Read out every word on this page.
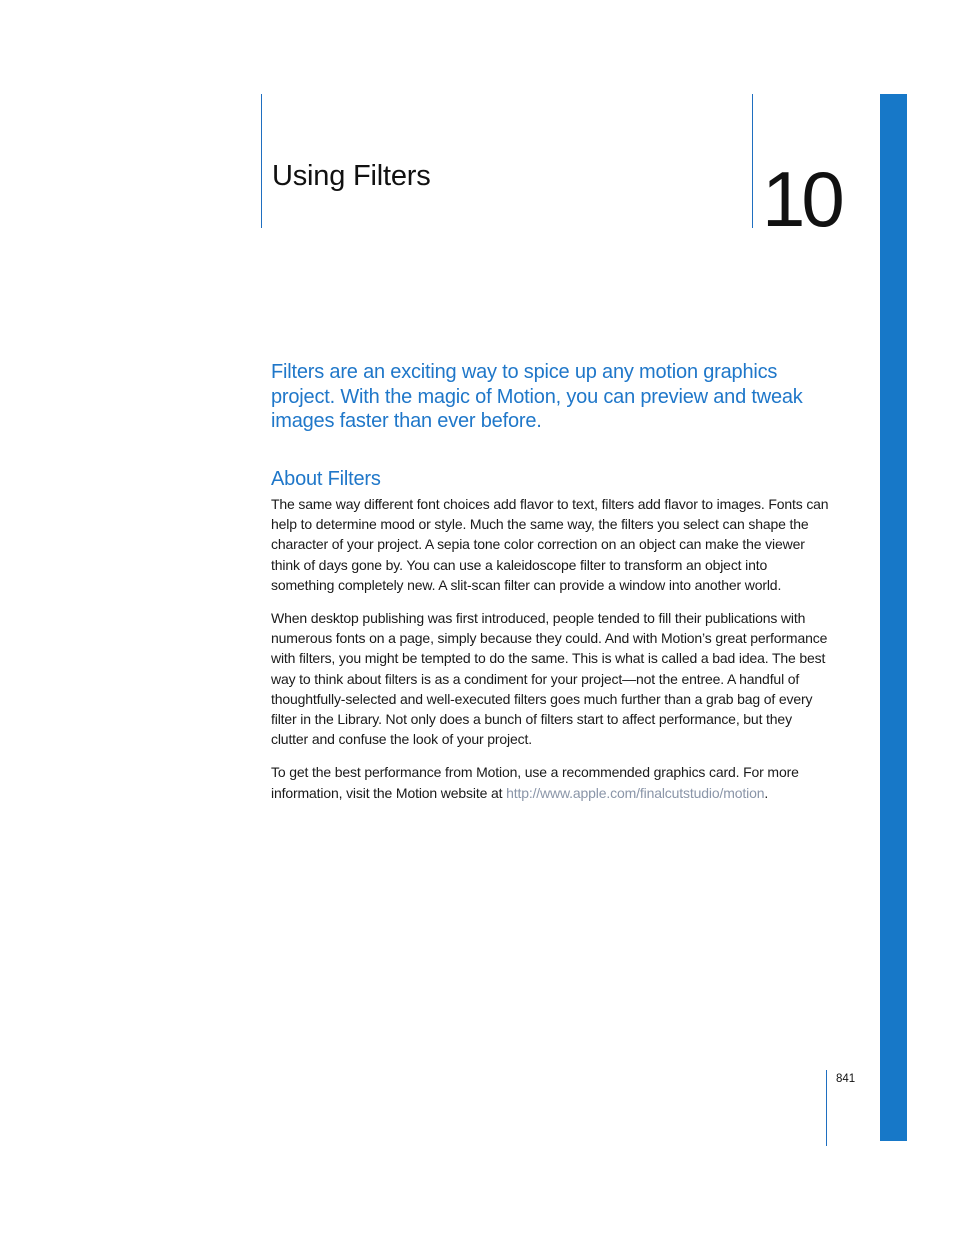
Using Filters	10

Filters are an exciting way to spice up any motion graphics project. With the magic of Motion, you can preview and tweak images faster than ever before.

About Filters

The same way different font choices add flavor to text, filters add flavor to images. Fonts can help to determine mood or style. Much the same way, the filters you select can shape the character of your project. A sepia tone color correction on an object can make the viewer think of days gone by. You can use a kaleidoscope filter to transform an object into something completely new. A slit-scan filter can provide a window into another world.

When desktop publishing was first introduced, people tended to fill their publications with numerous fonts on a page, simply because they could. And with Motion’s great performance with filters, you might be tempted to do the same. This is what is called a bad idea. The best way to think about filters is as a condiment for your project—not the entree. A handful of thoughtfully-selected and well-executed filters goes much further than a grab bag of every filter in the Library. Not only does a bunch of filters start to affect performance, but they clutter and confuse the look of your project.

To get the best performance from Motion, use a recommended graphics card. For more information, visit the Motion website at http://www.apple.com/finalcutstudio/motion.

841
